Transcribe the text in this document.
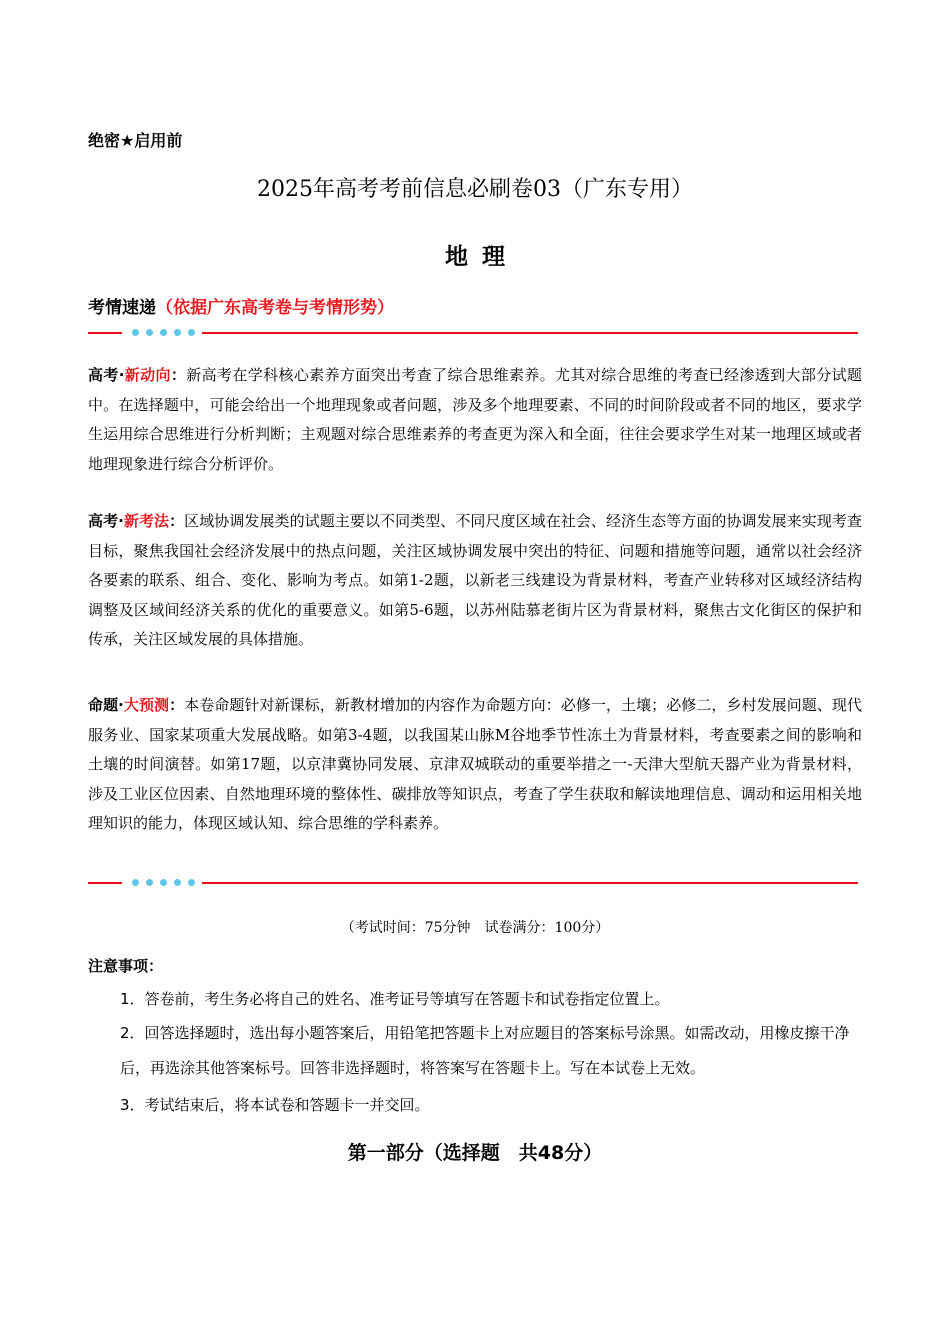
绝密★启用前
2025年高考考前信息必刷卷03（广东专用）
地理
考情速递（依据广东高考卷与考情形势）
高考·新动向：新高考在学科核心素养方面突出考查了综合思维素养。尤其对综合思维的考查已经渗透到大部分试题中。在选择题中，可能会给出一个地理现象或者问题，涉及多个地理要素、不同的时间阶段或者不同的地区，要求学生运用综合思维进行分析判断；主观题对综合思维素养的考查更为深入和全面，往往会要求学生对某一地理区域或者地理现象进行综合分析评价。
高考·新考法：区域协调发展类的试题主要以不同类型、不同尺度区域在社会、经济生态等方面的协调发展来实现考查目标，聚焦我国社会经济发展中的热点问题，关注区域协调发展中突出的特征、问题和措施等问题，通常以社会经济各要素的联系、组合、变化、影响为考点。如第1-2题，以新老三线建设为背景材料，考查产业转移对区域经济结构调整及区域间经济关系的优化的重要意义。如第5-6题，以苏州陆慕老街片区为背景材料，聚焦古文化街区的保护和传承，关注区域发展的具体措施。
命题·大预测：本卷命题针对新课标，新教材增加的内容作为命题方向：必修一，土壤；必修二，乡村发展问题、现代服务业、国家某项重大发展战略。如第3-4题，以我国某山脉M谷地季节性冻土为背景材料，考查要素之间的影响和土壤的时间演替。如第17题，以京津冀协同发展、京津双城联动的重要举措之一-天津大型航天器产业为背景材料，涉及工业区位因素、自然地理环境的整体性、碳排放等知识点，考查了学生获取和解读地理信息、调动和运用相关地理知识的能力，体现区域认知、综合思维的学科素养。
（考试时间：75分钟　试卷满分：100分）
注意事项：
1．答卷前，考生务必将自己的姓名、准考证号等填写在答题卡和试卷指定位置上。
2．回答选择题时，选出每小题答案后，用铅笔把答题卡上对应题目的答案标号涂黑。如需改动，用橡皮擦干净后，再选涂其他答案标号。回答非选择题时，将答案写在答题卡上。写在本试卷上无效。
3．考试结束后，将本试卷和答题卡一并交回。
第一部分（选择题　共48分）
